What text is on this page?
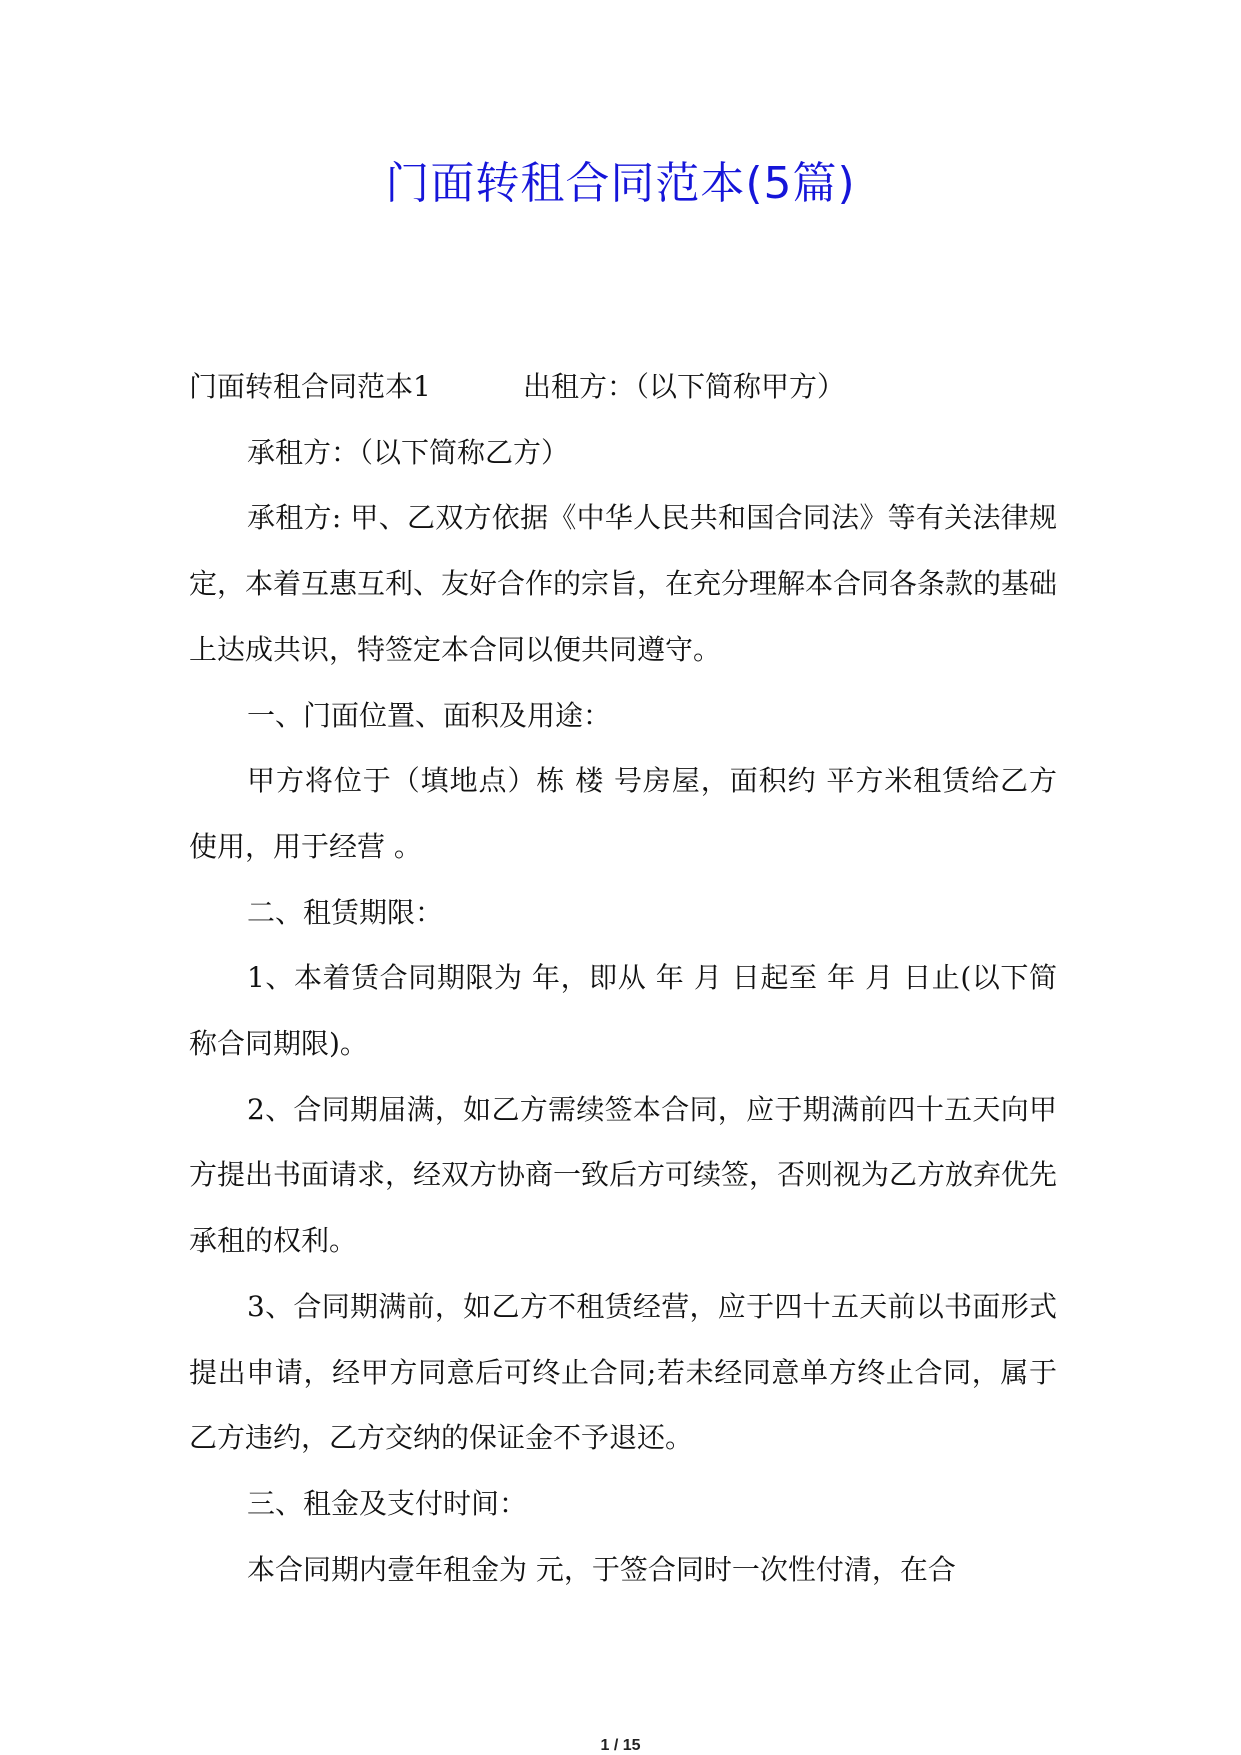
门面转租合同范本(5篇)

门面转租合同范本1	出租方：（以下简称甲方）

承租方：（以下简称乙方）

承租方: 甲、乙双方依据《中华人民共和国合同法》等有关法律规定，本着互惠互利、友好合作的宗旨，在充分理解本合同各条款的基础上达成共识，特签定本合同以便共同遵守。

一、门面位置、面积及用途：

甲方将位于（填地点）栋 楼 号房屋，面积约 平方米租赁给乙方使用，用于经营 。

二、租赁期限：

1、本着赁合同期限为 年，即从 年 月 日起至 年 月 日止(以下简称合同期限)。

2、合同期届满，如乙方需续签本合同，应于期满前四十五天向甲方提出书面请求，经双方协商一致后方可续签，否则视为乙方放弃优先承租的权利。

3、合同期满前，如乙方不租赁经营，应于四十五天前以书面形式提出申请，经甲方同意后可终止合同;若未经同意单方终止合同，属于乙方违约，乙方交纳的保证金不予退还。

三、租金及支付时间：

本合同期内壹年租金为 元，于签合同时一次性付清，在合

1 / 15
